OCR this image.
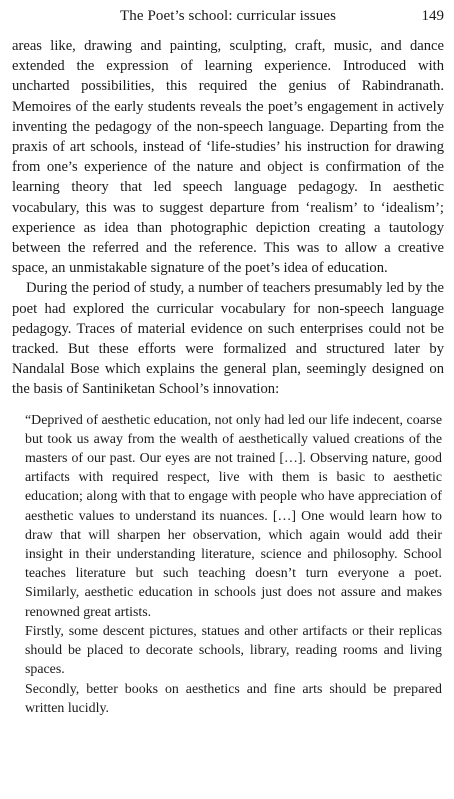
The Poet’s school: curricular issues	149

areas like, drawing and painting, sculpting, craft, music, and dance extended the expression of learning experience. Introduced with uncharted possibilities, this required the genius of Rabindranath. Memoires of the early students reveals the poet’s engagement in actively inventing the pedagogy of the non-speech language. Departing from the praxis of art schools, instead of ‘life-studies’ his instruction for drawing from one’s experience of the nature and object is confirmation of the learning theory that led speech language pedagogy. In aesthetic vocabulary, this was to suggest departure from ‘realism’ to ‘idealism’; experience as idea than photographic depiction creating a tautology between the referred and the reference. This was to allow a creative space, an unmistakable signature of the poet’s idea of education.

During the period of study, a number of teachers presumably led by the poet had explored the curricular vocabulary for non-speech language pedagogy. Traces of material evidence on such enterprises could not be tracked. But these efforts were formalized and structured later by Nandalal Bose which explains the general plan, seemingly designed on the basis of Santiniketan School’s innovation:

“Deprived of aesthetic education, not only had led our life indecent, coarse but took us away from the wealth of aesthetically valued creations of the masters of our past. Our eyes are not trained […]. Observing nature, good artifacts with required respect, live with them is basic to aesthetic education; along with that to engage with people who have appreciation of aesthetic values to understand its nuances. […] One would learn how to draw that will sharpen her observation, which again would add their insight in their understanding literature, science and philosophy. School teaches literature but such teaching doesn’t turn everyone a poet. Similarly, aesthetic education in schools just does not assure and makes renowned great artists.

Firstly, some descent pictures, statues and other artifacts or their replicas should be placed to decorate schools, library, reading rooms and living spaces.

Secondly, better books on aesthetics and fine arts should be prepared written lucidly.
